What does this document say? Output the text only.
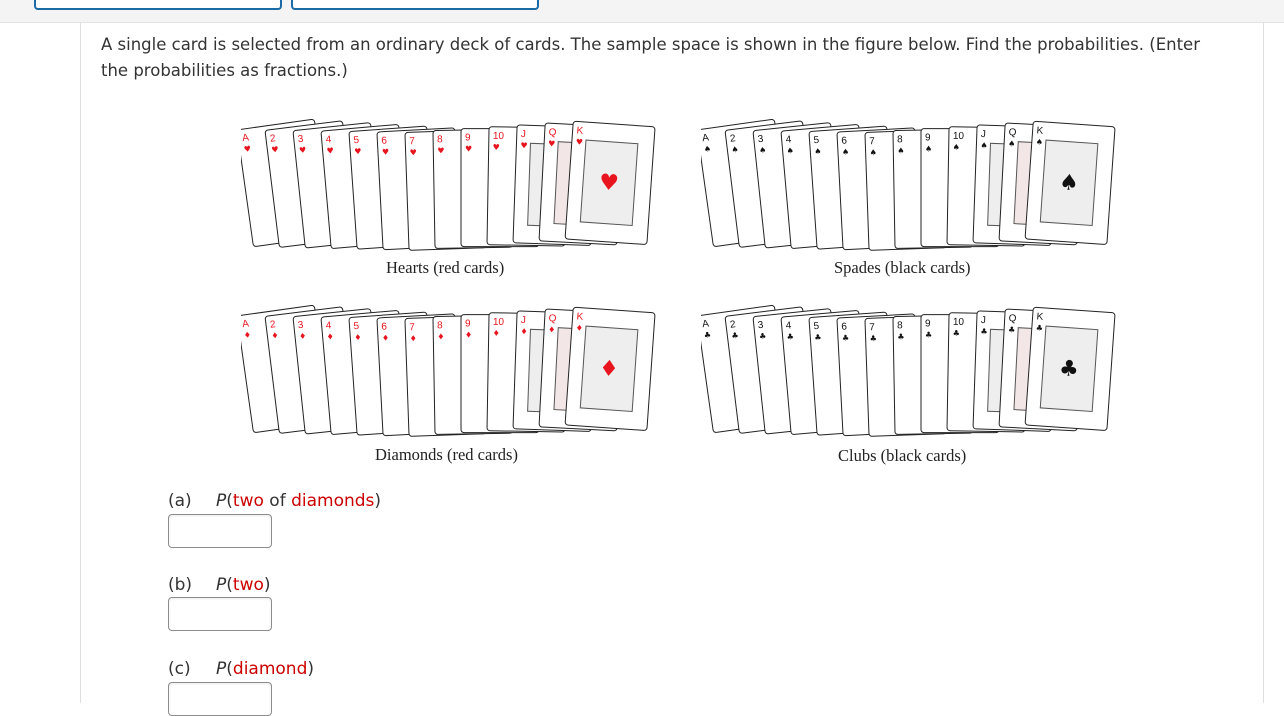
A single card is selected from an ordinary deck of cards. The sample space is shown in the figure below. Find the probabilities. (Enter the probabilities as fractions.)
A
♥
2
♥
3
♥
4
♥
5
♥
6
♥
7
♥
8
♥
9
♥
10
♥
J
♥
Q
♥
K
♥
♥
Hearts (red cards)
A
♠
2
♠
3
♠
4
♠
5
♠
6
♠
7
♠
8
♠
9
♠
10
♠
J
♠
Q
♠
K
♠
♠
Spades (black cards)
A
♦
2
♦
3
♦
4
♦
5
♦
6
♦
7
♦
8
♦
9
♦
10
♦
J
♦
Q
♦
K
♦
♦
Diamonds (red cards)
A
♣
2
♣
3
♣
4
♣
5
♣
6
♣
7
♣
8
♣
9
♣
10
♣
J
♣
Q
♣
K
♣
♣
Clubs (black cards)
(a) P(two of diamonds)
(b) P(two)
(c) P(diamond)
